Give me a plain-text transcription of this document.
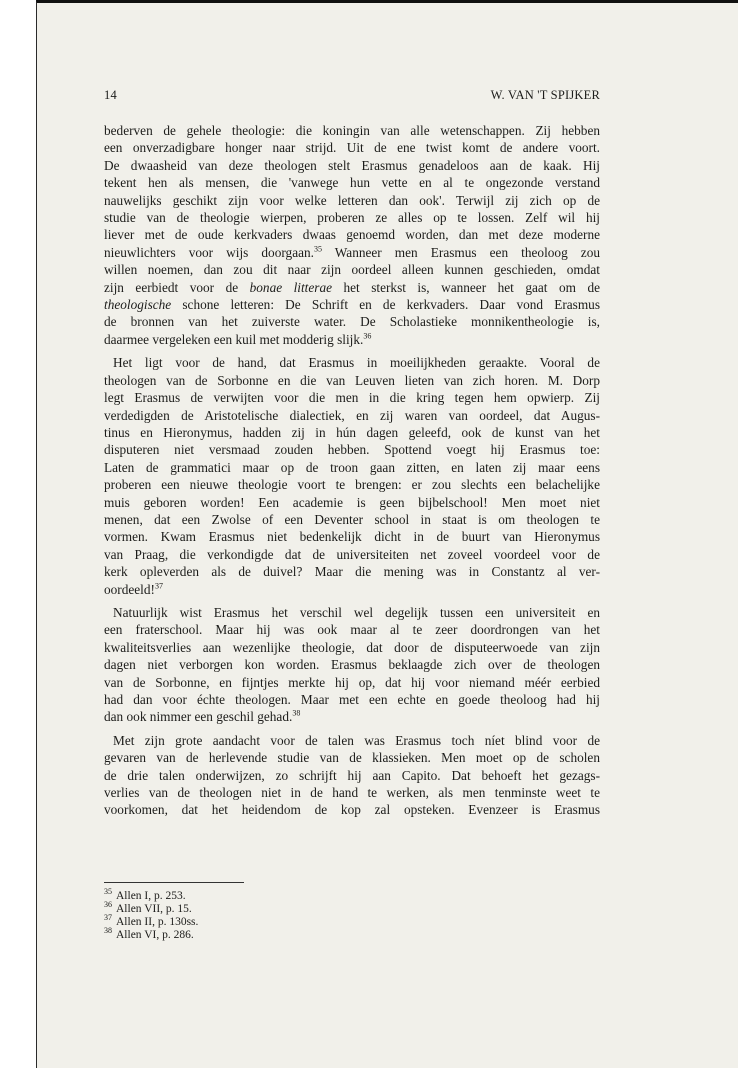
14	W. VAN 'T SPIJKER
bederven de gehele theologie: die koningin van alle wetenschappen. Zij hebben
een onverzadigbare honger naar strijd. Uit de ene twist komt de andere voort.
De dwaasheid van deze theologen stelt Erasmus genadeloos aan de kaak. Hij
tekent hen als mensen, die 'vanwege hun vette en al te ongezonde verstand
nauwelijks geschikt zijn voor welke letteren dan ook'. Terwijl zij zich op de
studie van de theologie wierpen, proberen ze alles op te lossen. Zelf wil hij
liever met de oude kerkvaders dwaas genoemd worden, dan met deze moderne
nieuwlichters voor wijs doorgaan.$^{35}$ Wanneer men Erasmus een theoloog zou
willen noemen, dan zou dit naar zijn oordeel alleen kunnen geschieden, omdat
zijn eerbiedt voor de bonae litterae het sterkst is, wanneer het gaat om de
theologische schone letteren: De Schrift en de kerkvaders. Daar vond Erasmus
de bronnen van het zuiverste water. De Scholastieke monnikentheologie is,
daarmee vergeleken een kuil met modderig slijk.$^{36}$
Het ligt voor de hand, dat Erasmus in moeilijkheden geraakte. Vooral de
theologen van de Sorbonne en die van Leuven lieten van zich horen. M. Dorp
legt Erasmus de verwijten voor die men in die kring tegen hem opwierp. Zij
verdedigden de Aristotelische dialectiek, en zij waren van oordeel, dat Augus-
tinus en Hieronymus, hadden zij in hún dagen geleefd, ook de kunst van het
disputeren niet versmaad zouden hebben. Spottend voegt hij Erasmus toe:
Laten de grammatici maar op de troon gaan zitten, en laten zij maar eens
proberen een nieuwe theologie voort te brengen: er zou slechts een belachelijke
muis geboren worden! Een academie is geen bijbelschool! Men moet niet
menen, dat een Zwolse of een Deventer school in staat is om theologen te
vormen. Kwam Erasmus niet bedenkelijk dicht in de buurt van Hieronymus
van Praag, die verkondigde dat de universiteiten net zoveel voordeel voor de
kerk opleverden als de duivel? Maar die mening was in Constantz al ver-
oordeeld!$^{37}$
Natuurlijk wist Erasmus het verschil wel degelijk tussen een universiteit en
een fraterschool. Maar hij was ook maar al te zeer doordrongen van het
kwaliteitsverlies aan wezenlijke theologie, dat door de disputeerwoede van zijn
dagen niet verborgen kon worden. Erasmus beklaagde zich over de theologen
van de Sorbonne, en fijntjes merkte hij op, dat hij voor niemand méér eerbied
had dan voor échte theologen. Maar met een echte en goede theoloog had hij
dan ook nimmer een geschil gehad.$^{38}$
Met zijn grote aandacht voor de talen was Erasmus toch níet blind voor de
gevaren van de herlevende studie van de klassieken. Men moet op de scholen
de drie talen onderwijzen, zo schrijft hij aan Capito. Dat behoeft het gezags-
verlies van de theologen niet in de hand te werken, als men tenminste weet te
voorkomen, dat het heidendom de kop zal opsteken. Evenzeer is Erasmus
$^{35}$ Allen I, p. 253.
$^{36}$ Allen VII, p. 15.
$^{37}$ Allen II, p. 130ss.
$^{38}$ Allen VI, p. 286.
